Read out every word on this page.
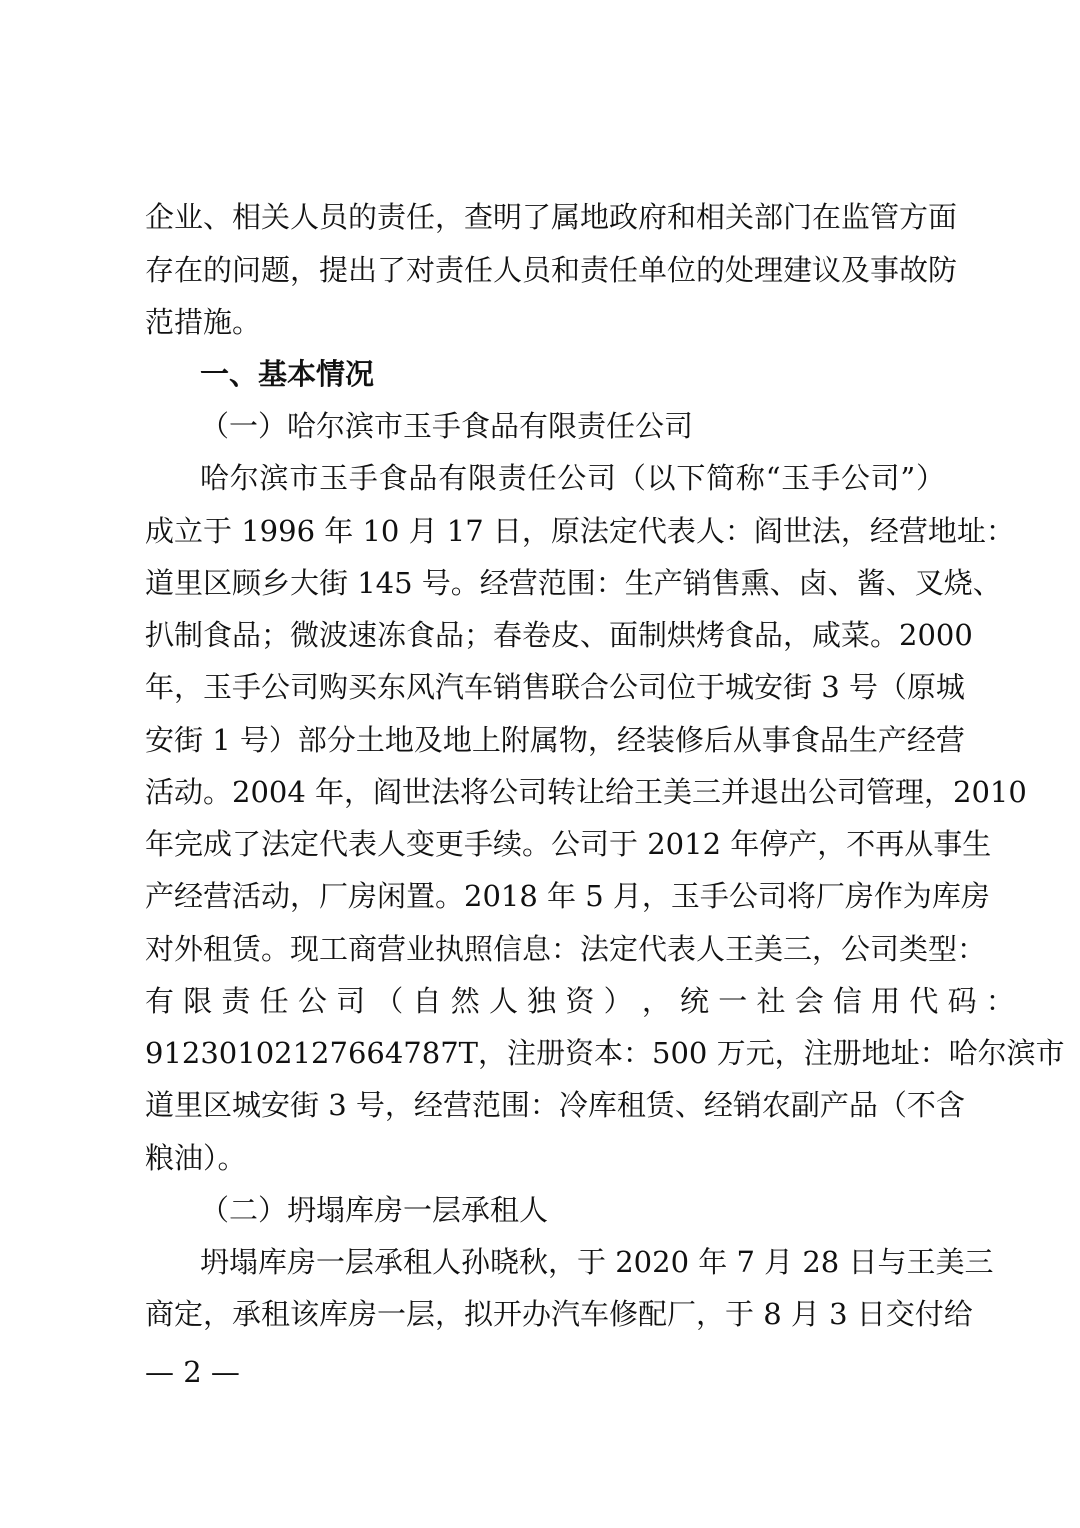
企业、相关人员的责任，查明了属地政府和相关部门在监管方面
存在的问题，提出了对责任人员和责任单位的处理建议及事故防
范措施。
一、基本情况
（一）哈尔滨市玉手食品有限责任公司
哈尔滨市玉手食品有限责任公司（以下简称“玉手公司”）
成立于 1996 年 10 月 17 日，原法定代表人：阎世法，经营地址：
道里区顾乡大街 145 号。经营范围：生产销售熏、卤、酱、叉烧、
扒制食品；微波速冻食品；春卷皮、面制烘烤食品，咸菜。2000
年，玉手公司购买东风汽车销售联合公司位于城安街 3 号（原城
安街 1 号）部分土地及地上附属物，经装修后从事食品生产经营
活动。2004 年，阎世法将公司转让给王美三并退出公司管理，2010
年完成了法定代表人变更手续。公司于 2012 年停产，不再从事生
产经营活动，厂房闲置。2018 年 5 月，玉手公司将厂房作为库房
对外租赁。现工商营业执照信息：法定代表人王美三，公司类型：
有 限 责 任 公 司 （ 自 然 人 独 资 ） ， 统 一 社 会 信 用 代 码 ：
91230102127664787T，注册资本：500 万元，注册地址：哈尔滨市
道里区城安街 3 号，经营范围：冷库租赁、经销农副产品（不含
粮油）。
（二）坍塌库房一层承租人
坍塌库房一层承租人孙晓秋，于 2020 年 7 月 28 日与王美三
商定，承租该库房一层，拟开办汽车修配厂，于 8 月 3 日交付给
— 2 —
